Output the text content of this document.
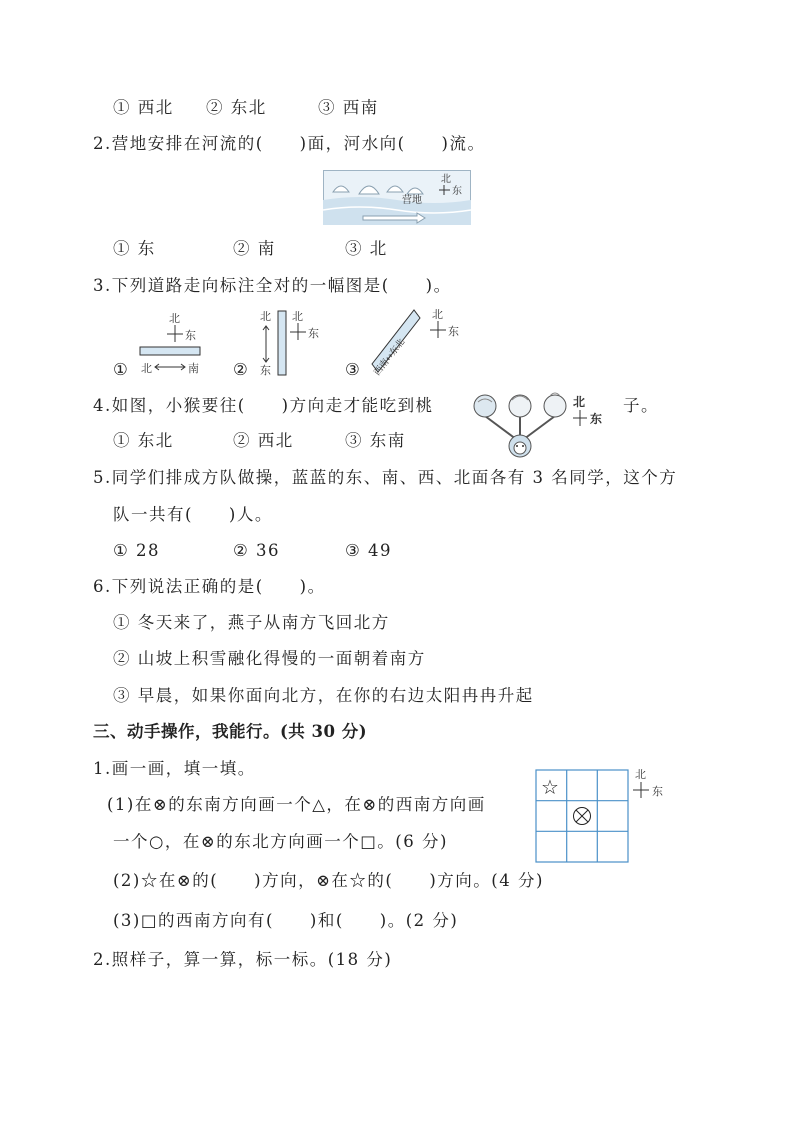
① 西北 ② 东北	③ 西南
2.营地安排在河流的(　　)面，河水向(　　)流。
营地
北
东
① 东	② 南	③ 北
3.下列道路走向标注全对的一幅图是(　　)。
①
北
东
北	南 ②
北
东
北
东
③ 西南↔东北
北
东
4.如图，小猴要往(　　)方向走才能吃到桃	北
东
子。
① 东北	② 西北	③ 东南
5.同学们排成方队做操，蓝蓝的东、南、西、北面各有 3 名同学，这个方
队一共有(　　)人。
① 28	② 36	③ 49
6.下列说法正确的是(　　)。
① 冬天来了，燕子从南方飞回北方
② 山坡上积雪融化得慢的一面朝着南方
③ 早晨，如果你面向北方，在你的右边太阳冉冉升起
三、动手操作，我能行。(共 30 分)
1.画一画，填一填。
(1)在⊗的东南方向画一个△，在⊗的西南方向画
一个○，在⊗的东北方向画一个□。(6 分)
(2)☆在⊗的(　　)方向，⊗在☆的(　　)方向。(4 分)
(3)□的西南方向有(　　)和(　　)。(2 分)
☆
北
东
2.照样子，算一算，标一标。(18 分)
